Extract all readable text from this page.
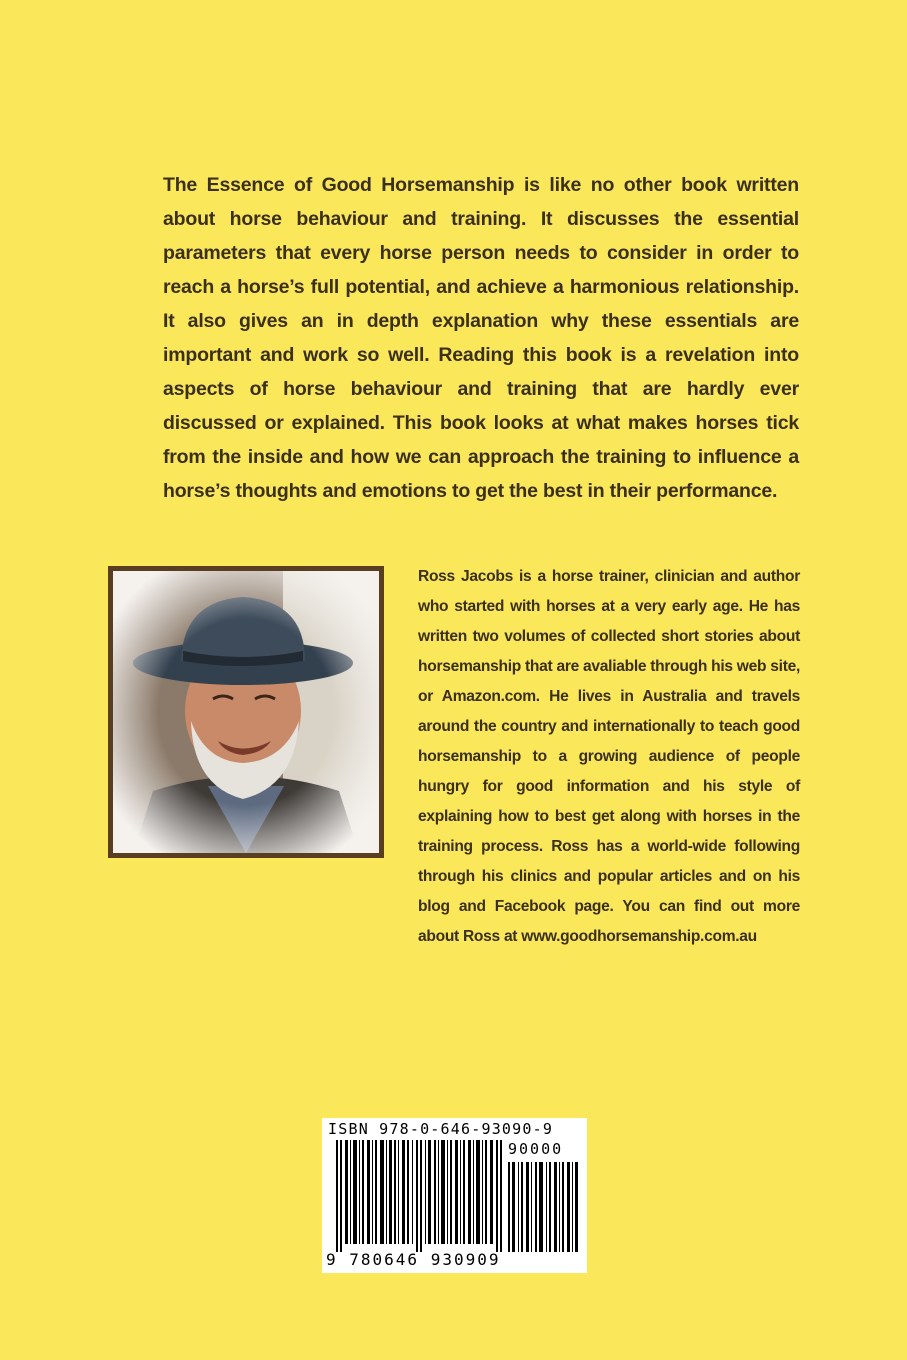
The Essence of Good Horsemanship is like no other book written about horse behaviour and training. It discusses the essential parameters that every horse person needs to consider in order to reach a horse’s full potential, and achieve a harmonious relationship. It also gives an in depth explanation why these essentials are important and work so well. Reading this book is a revelation into aspects of horse behaviour and training that are hardly ever discussed or explained. This book looks at what makes horses tick from the inside and how we can approach the training to influence a horse’s thoughts and emotions to get the best in their performance.
Ross Jacobs is a horse trainer, clinician and author who started with horses at a very early age. He has written two volumes of collected short stories about horsemanship that are avaliable through his web site, or Amazon.com. He lives in Australia and travels around the country and internationally to teach good horsemanship to a growing audience of people hungry for good information and his style of explaining how to best get along with horses in the training process. Ross has a world-wide following through his clinics and popular articles and on his blog and Facebook page. You can find out more about Ross at www.goodhorsemanship.com.au
ISBN 978-0-646-93090-9
90000
9 780646 930909
